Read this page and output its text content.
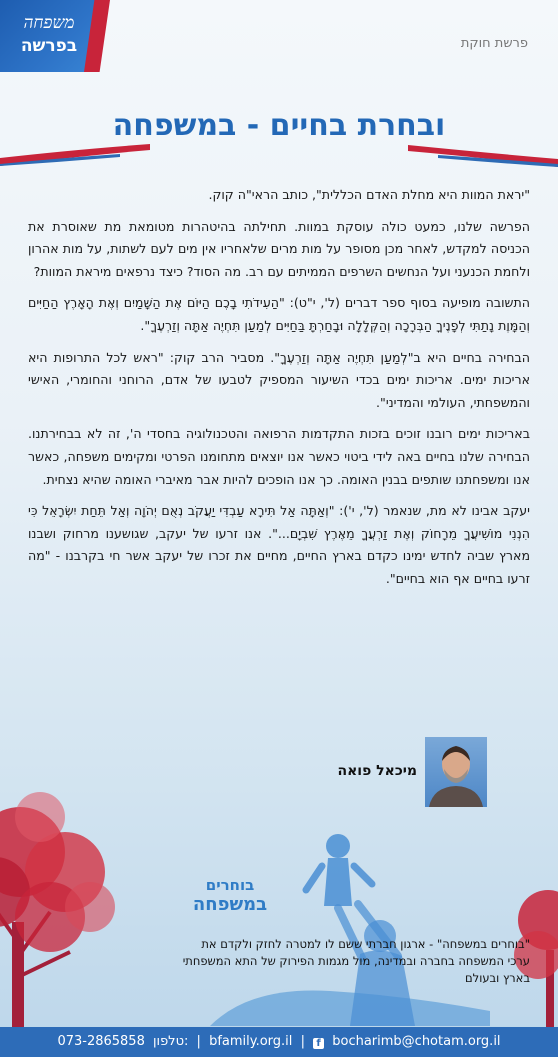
משפחה
בפרשה	פרשת חוקת
ובחרת בחיים - במשפחה

"יראת המוות היא מחלת האדם הכללית", כותב הראי"ה קוק.

הפרשה שלנו, כמעט כולה עוסקת במוות. תחילתה בהיטהרות מטומאת מת שאוסרת את הכניסה למקדש, לאחר מכן מסופר על מות מרים שלאחריו אין מים לעם לשתות, על מות אהרון ולחמת הכנעני ועל הנחשים השרפים הממיתים עם רב. מה הסוד? כיצד נרפאים מיראת המוות?

התשובה מופיעה בסוף ספר דברים (ל', י"ט): "הַעִידֹתִי בָכֶם הַיּוֹם אֶת הַשָּׁמַיִם וְאֶת הָאָרֶץ הַחַיִּים וְהַמָּוֶת נָתַתִּי לְפָנֶיךָ הַבְּרָכָה וְהַקְּלָלָה וּבָחַרְתָּ בַּחַיִּים לְמַעַן תִּחְיֶה אַתָּה וְזַרְעֶךָ".

הבחירה בחיים היא ב"לְמַעַן תִּחְיֶה אַתָּה וְזַרְעֶךָ". מסביר הרב קוק: "ראש לכל התרופות היא אריכות ימים. אריכות ימים בכדי השיעור המספיק לטבעו של אדם, הרוחני והחומרי, האישי והמשפחתי, העולמי והמדיני".

באריכות ימים רובנו זוכים בזכות התקדמות הרפואה והטכנולוגיה בחסדי ה', זה לא בבחירתנו. הבחירה שלנו בחיים באה לידי ביטוי כאשר אנו יוצאים מתחומנו הפרטי ומקימים משפחה, כאשר אנו ומשפחתנו שותפים בבנין האומה. כך אנו הופכים להיות אבר מאיברי האומה שהיא נצחית.

יעקב אבינו לא מת, שנאמר (ל', י'): "וְאַתָּה אַל תִּירָא עַבְדִּי יַעֲקֹב נְאֻם יְהֹוָה וְאַל תֵּחַת יִשְׂרָאֵל כִּי הִנְנִי מוֹשִׁיעֲךָ מֵרָחוֹק וְאֶת זַרְעֲךָ מֵאֶרֶץ שִׁבְיָם...". אנו זרעו של יעקב, שגושענו מרחוק ושבנו מארץ שביה לחדש ימינו כקדם בארץ החיים, מחיים את זכרו של יעקב אשר חי בקרבנו - "מה זרעו בחיים אף הוא בחיים".

מיכאל פואה
בוחרים
במשפחה
"בוחרים במשפחה" - ארגון חברתי ששם לו למטרה לחזק ולקדם את ערכי המשפחה בחברה ובמדינה, מול מגמות הפירוק של התא המשפחתי בארץ ובעולם
073-2865858 טלפון: | bfamily.org.il | f bocharimb@chotam.org.il
